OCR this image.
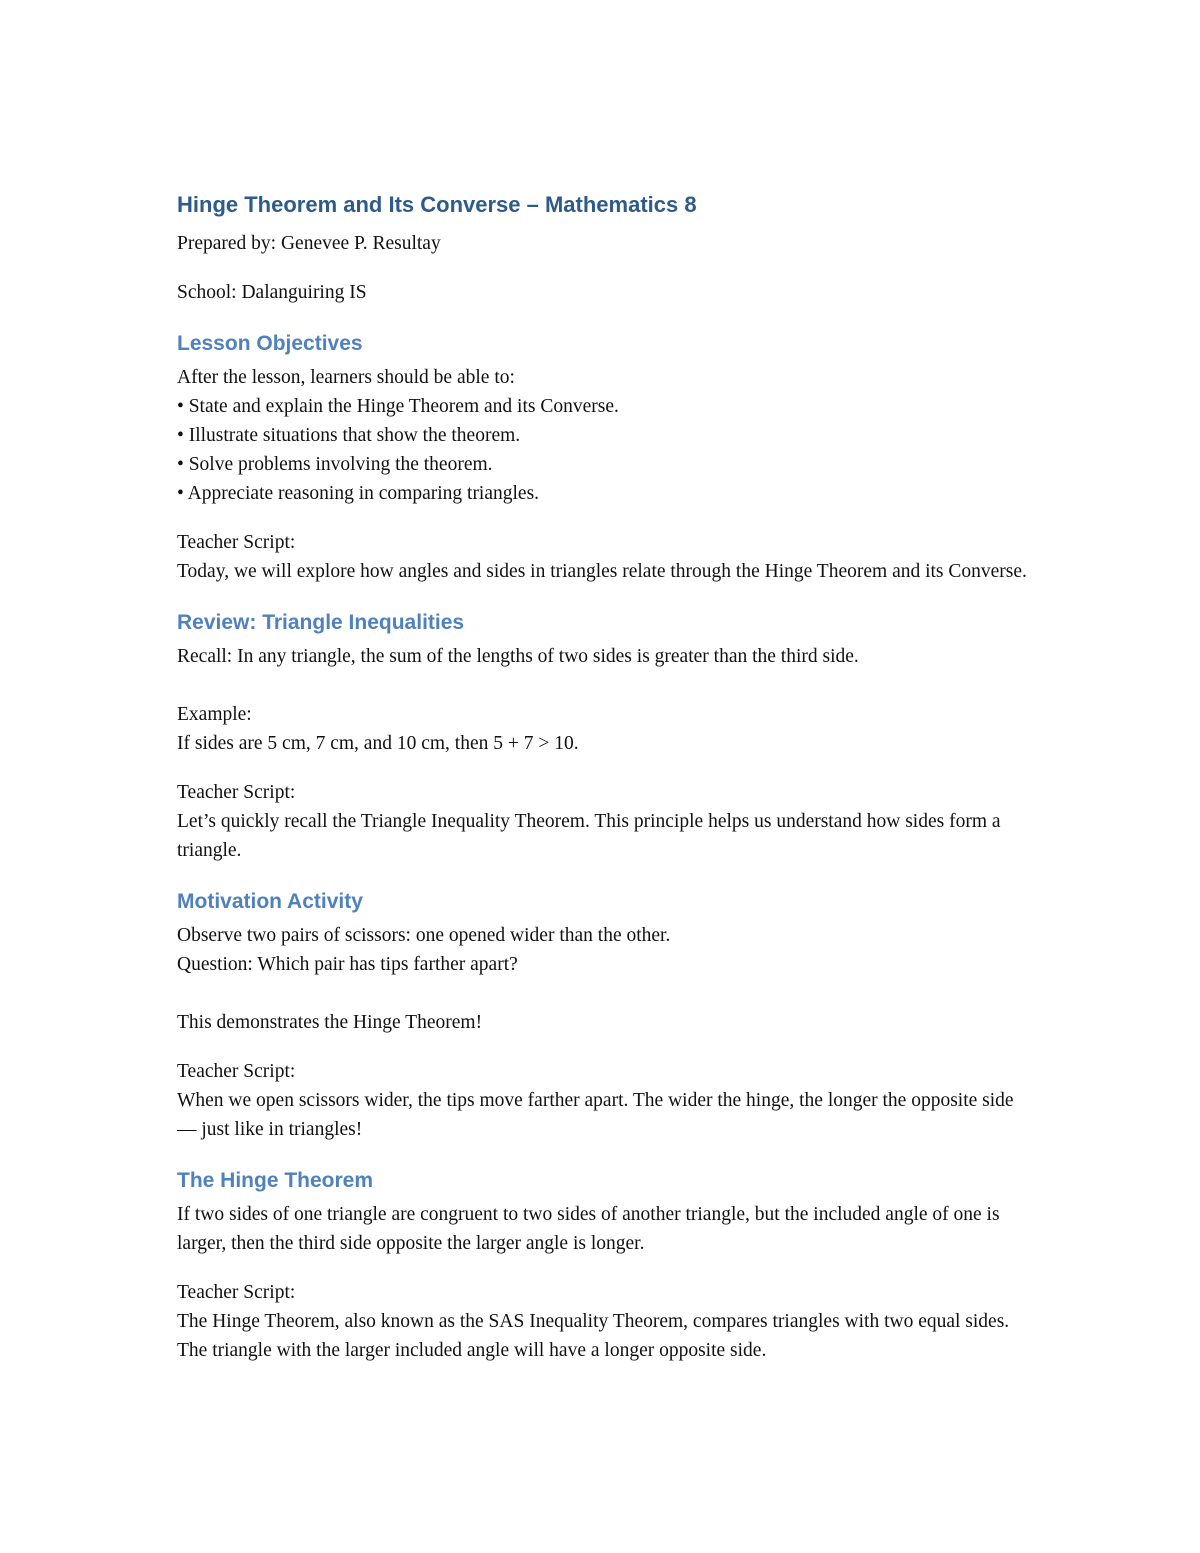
Hinge Theorem and Its Converse – Mathematics 8

Prepared by: Genevee P. Resultay

School: Dalanguiring IS

Lesson Objectives

After the lesson, learners should be able to:

• State and explain the Hinge Theorem and its Converse.

• Illustrate situations that show the theorem.

• Solve problems involving the theorem.

• Appreciate reasoning in comparing triangles.

Teacher Script:

Today, we will explore how angles and sides in triangles relate through the Hinge Theorem and its Converse.

Review: Triangle Inequalities

Recall: In any triangle, the sum of the lengths of two sides is greater than the third side.

Example:

If sides are 5 cm, 7 cm, and 10 cm, then 5 + 7 > 10.

Teacher Script:

Let’s quickly recall the Triangle Inequality Theorem. This principle helps us understand how sides form a triangle.

Motivation Activity

Observe two pairs of scissors: one opened wider than the other.

Question: Which pair has tips farther apart?

This demonstrates the Hinge Theorem!

Teacher Script:

When we open scissors wider, the tips move farther apart. The wider the hinge, the longer the opposite side — just like in triangles!

The Hinge Theorem

If two sides of one triangle are congruent to two sides of another triangle, but the included angle of one is larger, then the third side opposite the larger angle is longer.

Teacher Script:

The Hinge Theorem, also known as the SAS Inequality Theorem, compares triangles with two equal sides. The triangle with the larger included angle will have a longer opposite side.
